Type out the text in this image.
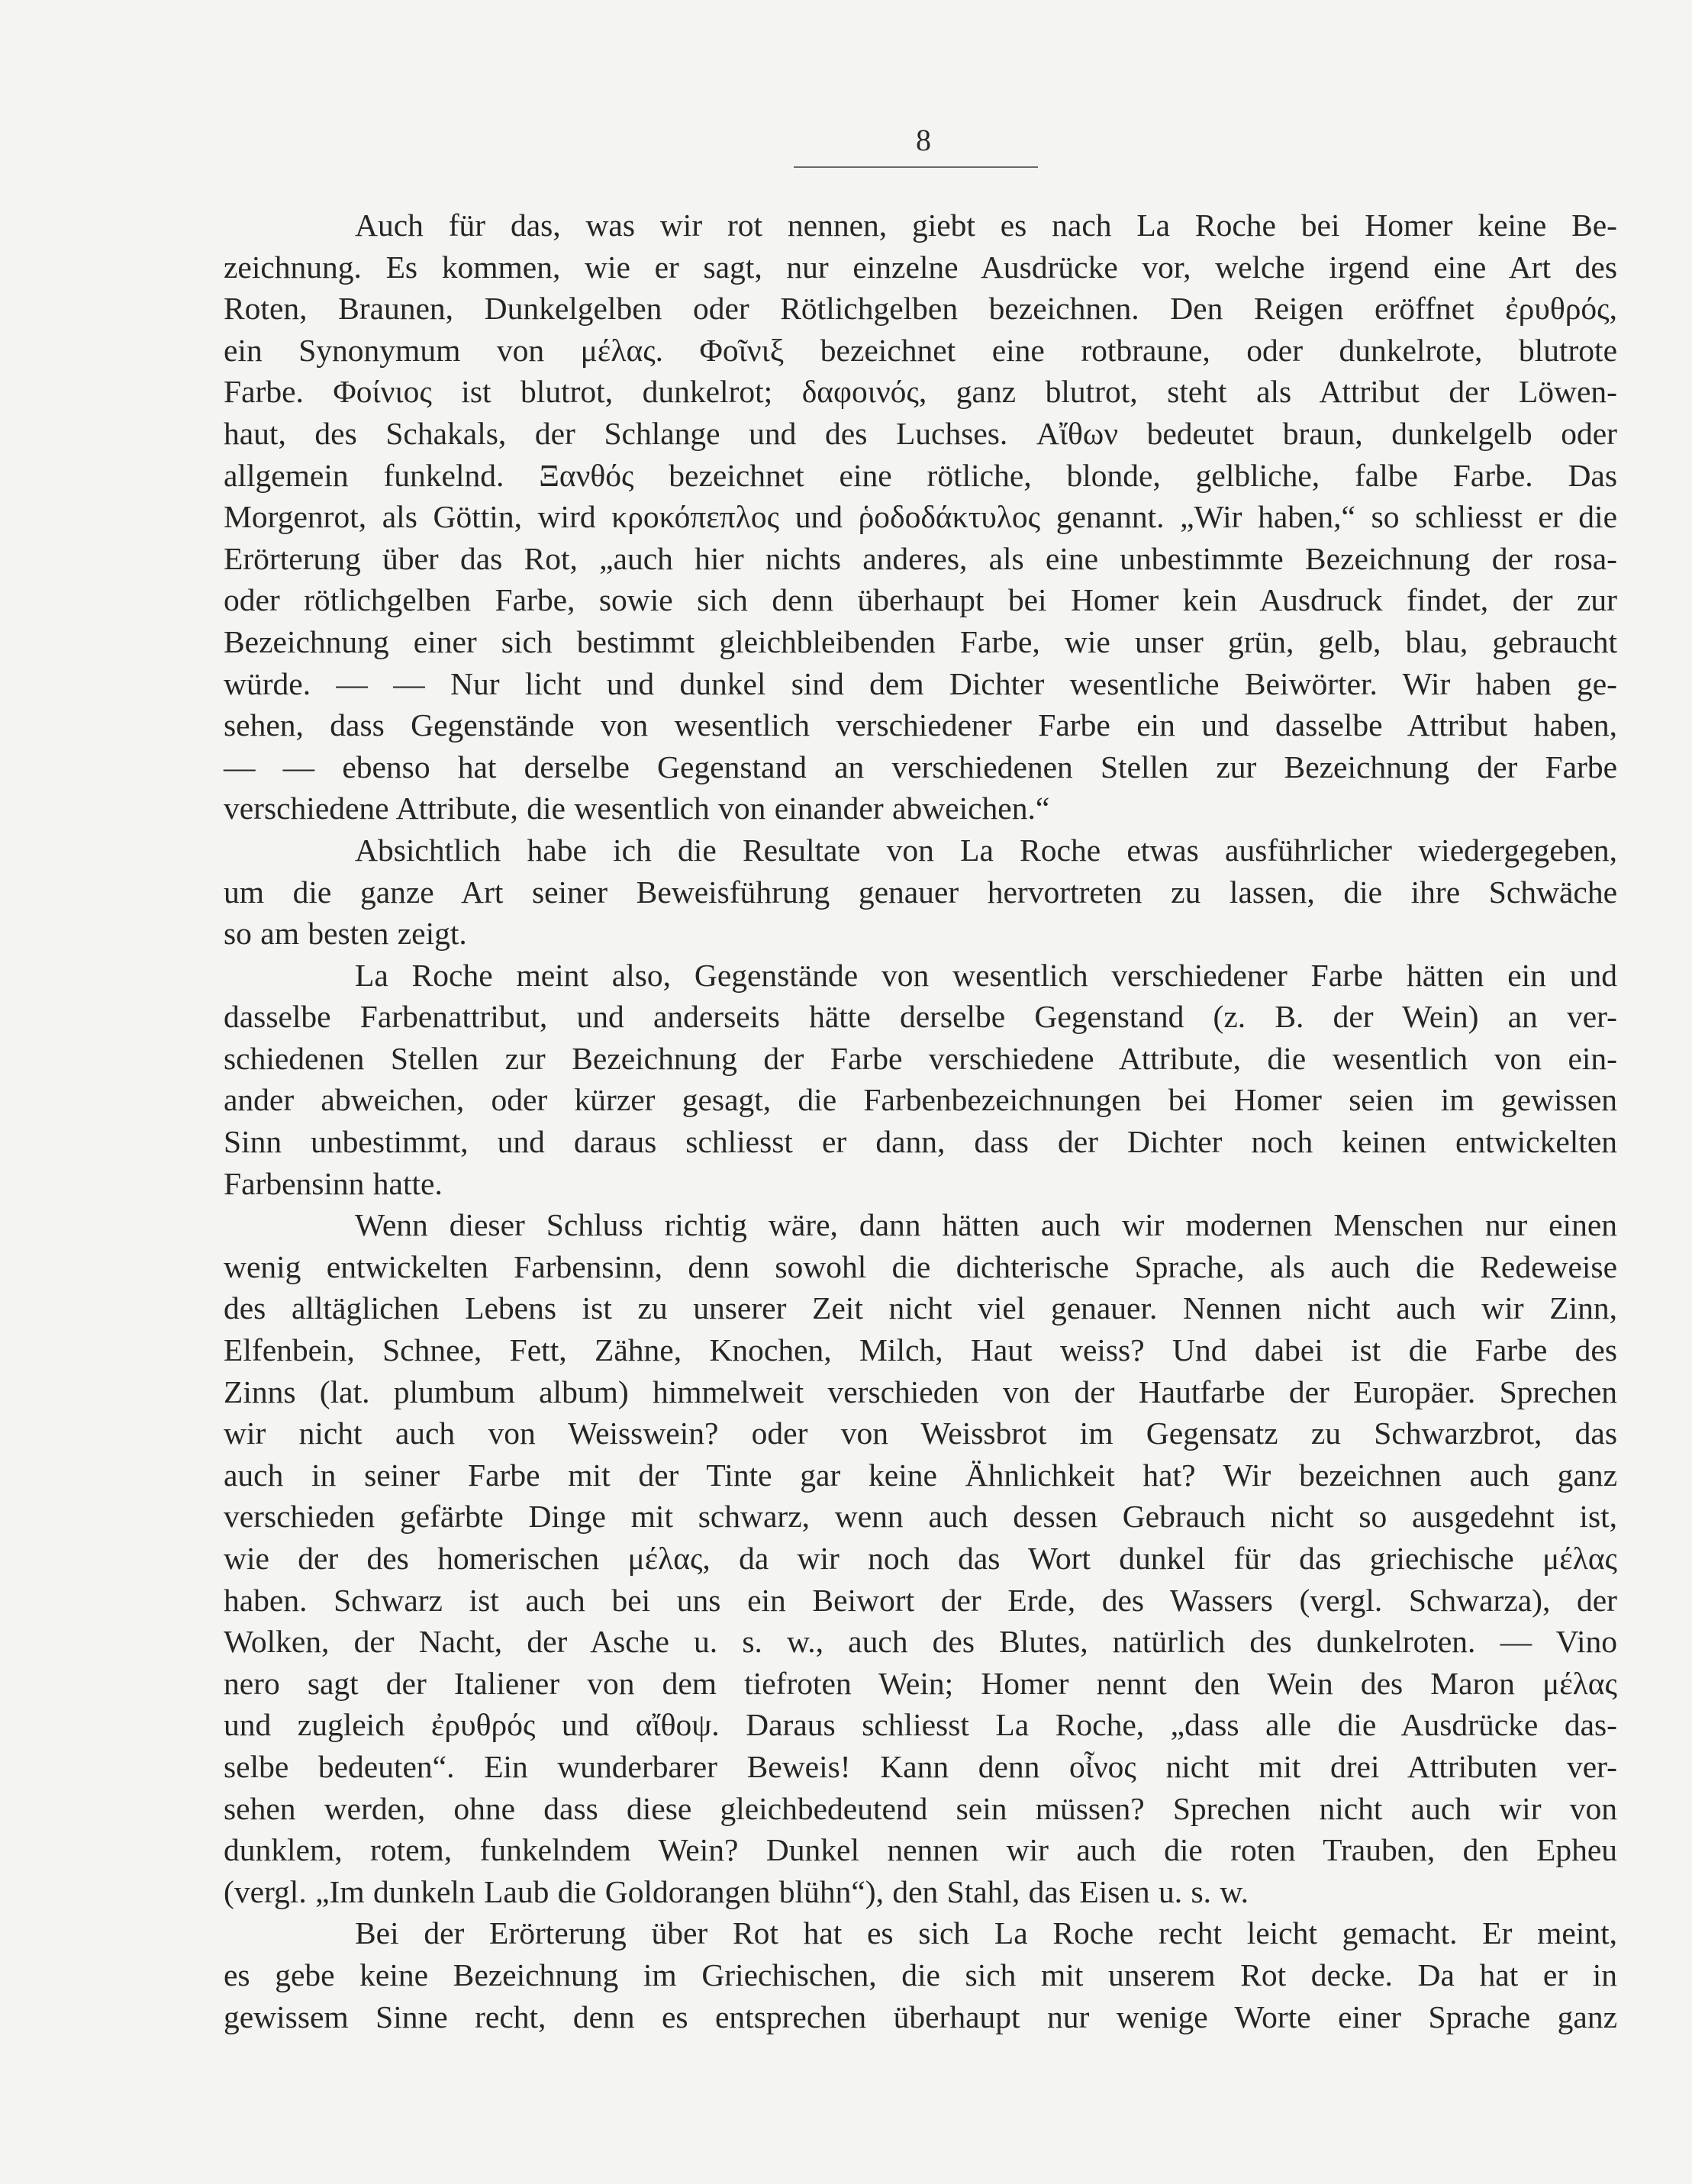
8
Auch für das, was wir rot nennen, giebt es nach La Roche bei Homer keine Be-
zeichnung. Es kommen, wie er sagt, nur einzelne Ausdrücke vor, welche irgend eine Art des
Roten, Braunen, Dunkelgelben oder Rötlichgelben bezeichnen. Den Reigen eröffnet ἐρυθρός,
ein Synonymum von μέλας. Φοῖνιξ bezeichnet eine rotbraune, oder dunkelrote, blutrote
Farbe. Φοίνιος ist blutrot, dunkelrot; δαφοινός, ganz blutrot, steht als Attribut der Löwen-
haut, des Schakals, der Schlange und des Luchses. Αἴθων bedeutet braun, dunkelgelb oder
allgemein funkelnd. Ξανθός bezeichnet eine rötliche, blonde, gelbliche, falbe Farbe. Das
Morgenrot, als Göttin, wird κροκόπεπλος und ῥοδοδάκτυλος genannt. „Wir haben,“ so schliesst er die
Erörterung über das Rot, „auch hier nichts anderes, als eine unbestimmte Bezeichnung der rosa-
oder rötlichgelben Farbe, sowie sich denn überhaupt bei Homer kein Ausdruck findet, der zur
Bezeichnung einer sich bestimmt gleichbleibenden Farbe, wie unser grün, gelb, blau, gebraucht
würde. — — Nur licht und dunkel sind dem Dichter wesentliche Beiwörter. Wir haben ge-
sehen, dass Gegenstände von wesentlich verschiedener Farbe ein und dasselbe Attribut haben,
— — ebenso hat derselbe Gegenstand an verschiedenen Stellen zur Bezeichnung der Farbe
verschiedene Attribute, die wesentlich von einander abweichen.“
Absichtlich habe ich die Resultate von La Roche etwas ausführlicher wiedergegeben,
um die ganze Art seiner Beweisführung genauer hervortreten zu lassen, die ihre Schwäche
so am besten zeigt.
La Roche meint also, Gegenstände von wesentlich verschiedener Farbe hätten ein und
dasselbe Farbenattribut, und anderseits hätte derselbe Gegenstand (z. B. der Wein) an ver-
schiedenen Stellen zur Bezeichnung der Farbe verschiedene Attribute, die wesentlich von ein-
ander abweichen, oder kürzer gesagt, die Farbenbezeichnungen bei Homer seien im gewissen
Sinn unbestimmt, und daraus schliesst er dann, dass der Dichter noch keinen entwickelten
Farbensinn hatte.
Wenn dieser Schluss richtig wäre, dann hätten auch wir modernen Menschen nur einen
wenig entwickelten Farbensinn, denn sowohl die dichterische Sprache, als auch die Redeweise
des alltäglichen Lebens ist zu unserer Zeit nicht viel genauer. Nennen nicht auch wir Zinn,
Elfenbein, Schnee, Fett, Zähne, Knochen, Milch, Haut weiss? Und dabei ist die Farbe des
Zinns (lat. plumbum album) himmelweit verschieden von der Hautfarbe der Europäer. Sprechen
wir nicht auch von Weisswein? oder von Weissbrot im Gegensatz zu Schwarzbrot, das
auch in seiner Farbe mit der Tinte gar keine Ähnlichkeit hat? Wir bezeichnen auch ganz
verschieden gefärbte Dinge mit schwarz, wenn auch dessen Gebrauch nicht so ausgedehnt ist,
wie der des homerischen μέλας, da wir noch das Wort dunkel für das griechische μέλας
haben. Schwarz ist auch bei uns ein Beiwort der Erde, des Wassers (vergl. Schwarza), der
Wolken, der Nacht, der Asche u. s. w., auch des Blutes, natürlich des dunkelroten. — Vino
nero sagt der Italiener von dem tiefroten Wein; Homer nennt den Wein des Maron μέλας
und zugleich ἐρυθρός und αἴθοψ. Daraus schliesst La Roche, „dass alle die Ausdrücke das-
selbe bedeuten“. Ein wunderbarer Beweis! Kann denn οἶνος nicht mit drei Attributen ver-
sehen werden, ohne dass diese gleichbedeutend sein müssen? Sprechen nicht auch wir von
dunklem, rotem, funkelndem Wein? Dunkel nennen wir auch die roten Trauben, den Epheu
(vergl. „Im dunkeln Laub die Goldorangen blühn“), den Stahl, das Eisen u. s. w.
Bei der Erörterung über Rot hat es sich La Roche recht leicht gemacht. Er meint,
es gebe keine Bezeichnung im Griechischen, die sich mit unserem Rot decke. Da hat er in
gewissem Sinne recht, denn es entsprechen überhaupt nur wenige Worte einer Sprache ganz
